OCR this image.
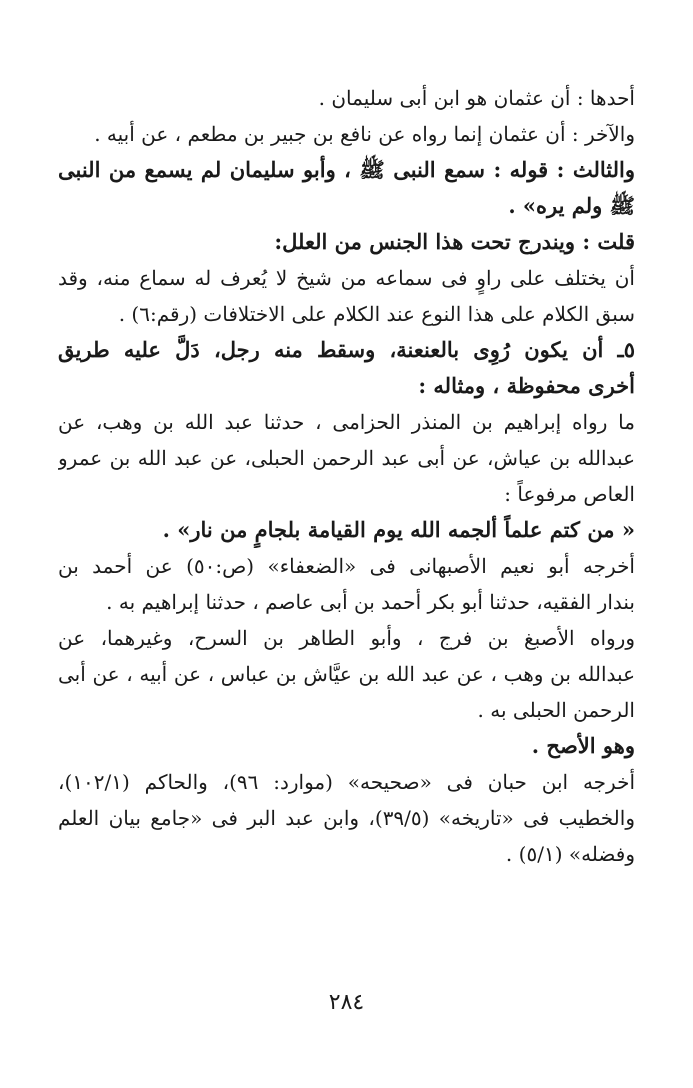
أحدها : أن عثمان هو ابن أبى سليمان .
والآخر : أن عثمان إنما رواه عن نافع بن جبير بن مطعم ، عن أبيه .
والثالث : قوله : سمع النبى ﷺ ، وأبو سليمان لم يسمع من النبى
ﷺ ولم يره» .
قلت : ويندرج تحت هذا الجنس من العلل:
أن يختلف على راوٍ فى سماعه من شيخ لا يُعرف له سماع منه، وقد
سبق الكلام على هذا النوع عند الكلام على الاختلافات (رقم:٦) .
٥ـ أن يكون رُوِى بالعنعنة، وسقط منه رجل، دَلَّ عليه طريق
أخرى محفوظة ، ومثاله :
ما رواه إبراهيم بن المنذر الحزامى ، حدثنا عبد الله بن وهب، عن
عبدالله بن عياش، عن أبى عبد الرحمن الحبلى، عن عبد الله بن عمرو
العاص مرفوعاً :
« من كتم علماً ألجمه الله يوم القيامة بلجامٍ من نار» .
أخرجه أبو نعيم الأصبهانى فى «الضعفاء» (ص:٥٠) عن أحمد بن
بندار الفقيه، حدثنا أبو بكر أحمد بن أبى عاصم ، حدثنا إبراهيم به .
ورواه الأصبغ بن فرج ، وأبو الطاهر بن السرح، وغيرهما، عن
عبدالله بن وهب ، عن عبد الله بن عيَّاش بن عباس ، عن أبيه ، عن أبى
الرحمن الحبلى به .
وهو الأصح .
أخرجه ابن حبان فى «صحيحه» (موارد: ٩٦)، والحاكم (١٠٢/١)،
والخطيب فى «تاريخه» (٣٩/٥)، وابن عبد البر فى «جامع بيان العلم
وفضله» (٥/١) .
٢٨٤
